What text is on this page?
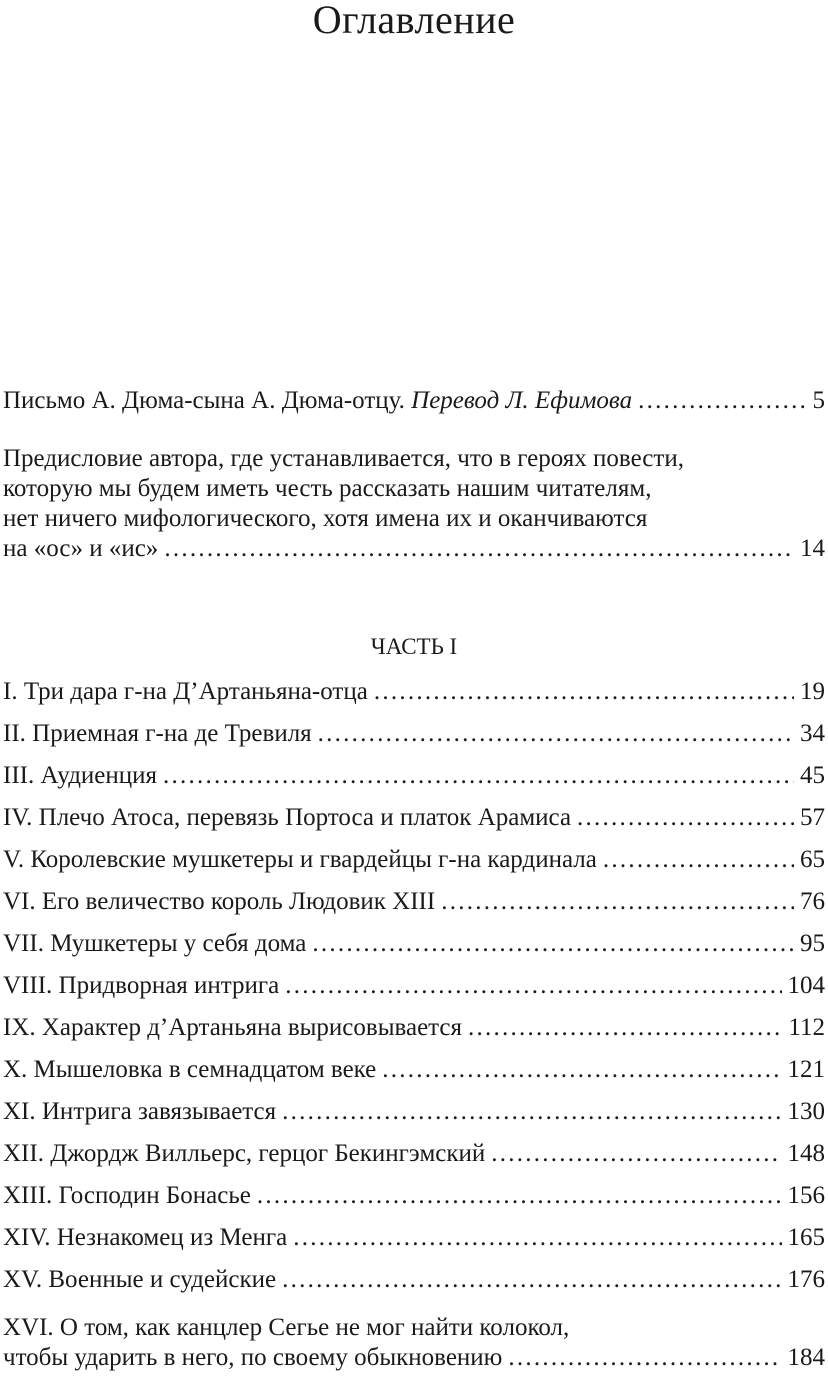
Оглавление
Письмо А. Дюма-сына А. Дюма-отцу. Перевод Л. Ефимова . . .	5
Предисловие автора, где устанавливается, что в героях повести,
которую мы будем иметь честь рассказать нашим читателям,
нет ничего мифологического, хотя имена их и оканчиваются
на «ос» и «ис» . . .	14
ЧАСТЬ I
I. Три дара г-на Д’Артаньяна-отца . . .	19
II. Приемная г-на де Тревиля . . .	34
III. Аудиенция . . .	45
IV. Плечо Атоса, перевязь Портоса и платок Арамиса . . .	57
V. Королевские мушкетеры и гвардейцы г-на кардинала . . .	65
VI. Его величество король Людовик XIII . . .	76
VII. Мушкетеры у себя дома . . .	95
VIII. Придворная интрига . . .	104
IX. Характер д’Артаньяна вырисовывается . . .	112
X. Мышеловка в семнадцатом веке . . .	121
XI. Интрига завязывается . . .	130
XII. Джордж Вилльерс, герцог Бекингэмский . . .	148
XIII. Господин Бонасье . . .	156
XIV. Незнакомец из Менга . . .	165
XV. Военные и судейские . . .	176
XVI. О том, как канцлер Сегье не мог найти колокол,
чтобы ударить в него, по своему обыкновению . . .	184
